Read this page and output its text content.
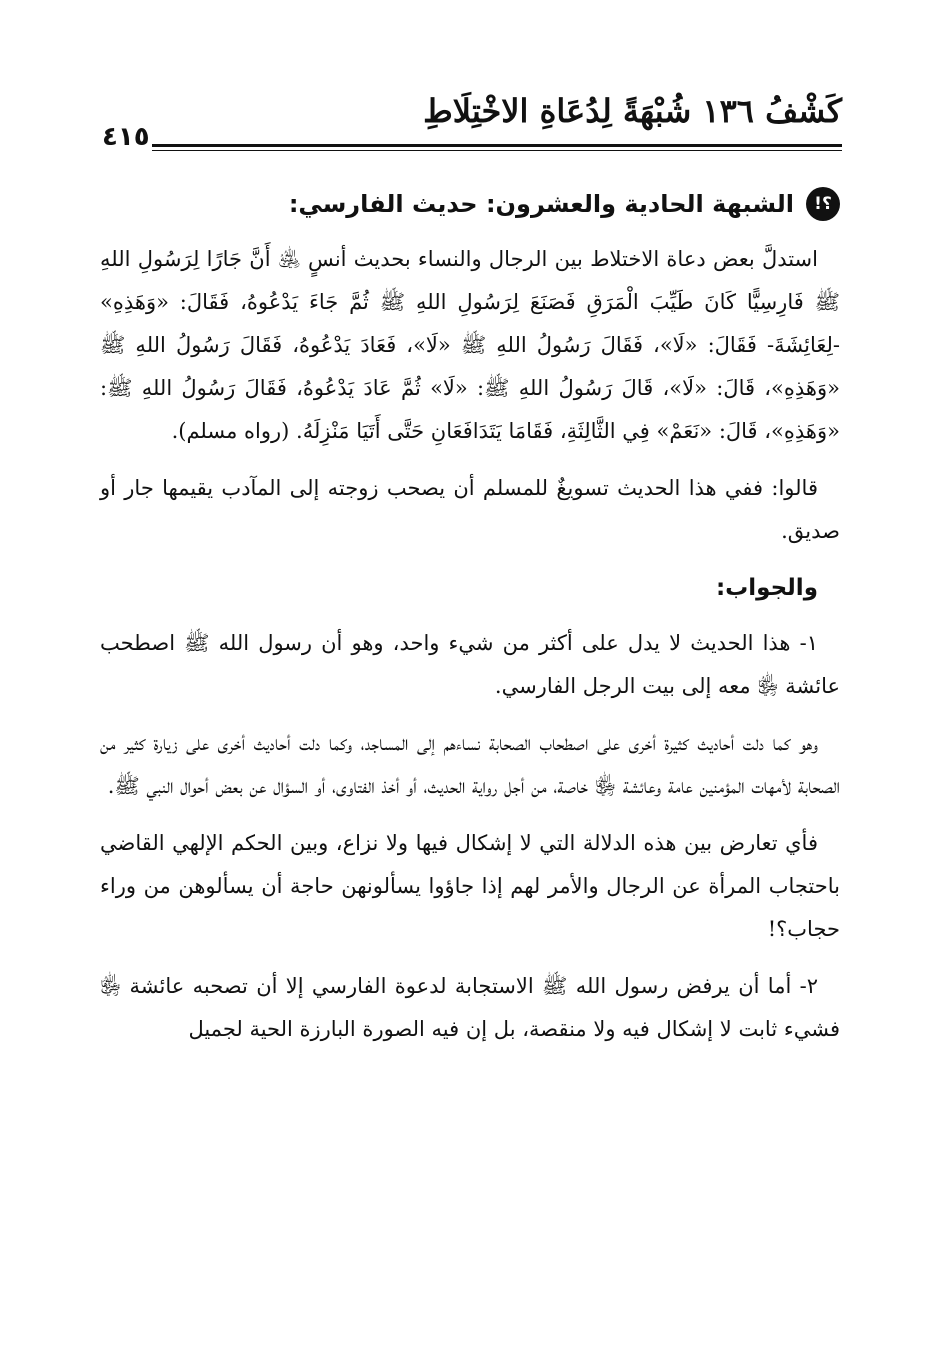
كَشْفُ ١٣٦ شُبْهَةً لِدُعَاةِ الاخْتِلَاطِ
٤١٥
!؟
الشبهة الحادية والعشرون: حديث الفارسي:

استدلَّ بعض دعاة الاختلاط بين الرجال والنساء بحديث أنسٍ ﵁ أَنَّ جَارًا لِرَسُولِ اللهِ ﷺ فَارِسِيًّا كَانَ طَيِّبَ الْمَرَقِ فَصَنَعَ لِرَسُولِ اللهِ ﷺ ثُمَّ جَاءَ يَدْعُوهُ، فَقَالَ: «وَهَذِهِ» -لِعَائِشَةَ- فَقَالَ: «لَا»، فَقَالَ رَسُولُ اللهِ ﷺ «لَا»، فَعَادَ يَدْعُوهُ، فَقَالَ رَسُولُ اللهِ ﷺ «وَهَذِهِ»، قَالَ: «لَا»، قَالَ رَسُولُ اللهِ ﷺ: «لَا» ثُمَّ عَادَ يَدْعُوهُ، فَقَالَ رَسُولُ اللهِ ﷺ: «وَهَذِهِ»، قَالَ: «نَعَمْ» فِي الثَّالِثَةِ، فَقَامَا يَتَدَافَعَانِ حَتَّى أَتَيَا مَنْزِلَهُ. (رواه مسلم).

قالوا: ففي هذا الحديث تسويغٌ للمسلم أن يصحب زوجته إلى المآدب يقيمها جار أو صديق.

والجواب:

١- هذا الحديث لا يدل على أكثر من شيء واحد، وهو أن رسول الله ﷺ اصطحب عائشة ﵂ معه إلى بيت الرجل الفارسي.

وهو كما دلت أحاديث كثيرة أخرى على اصطحاب الصحابة نساءهم إلى المساجد، وكما دلت أحاديث أخرى على زيارة كثير من الصحابة لأمهات المؤمنين عامة وعائشة ﵂ خاصة، من أجل رواية الحديث، أو أخذ الفتاوى، أو السؤال عن بعض أحوال النبي ﷺ.

فأي تعارض بين هذه الدلالة التي لا إشكال فيها ولا نزاع، وبين الحكم الإلهي القاضي باحتجاب المرأة عن الرجال والأمر لهم إذا جاؤوا يسألونهن حاجة أن يسألوهن من وراء حجاب؟!

٢- أما أن يرفض رسول الله ﷺ الاستجابة لدعوة الفارسي إلا أن تصحبه عائشة ﵂ فشيء ثابت لا إشكال فيه ولا منقصة، بل إن فيه الصورة البارزة الحية لجميل
